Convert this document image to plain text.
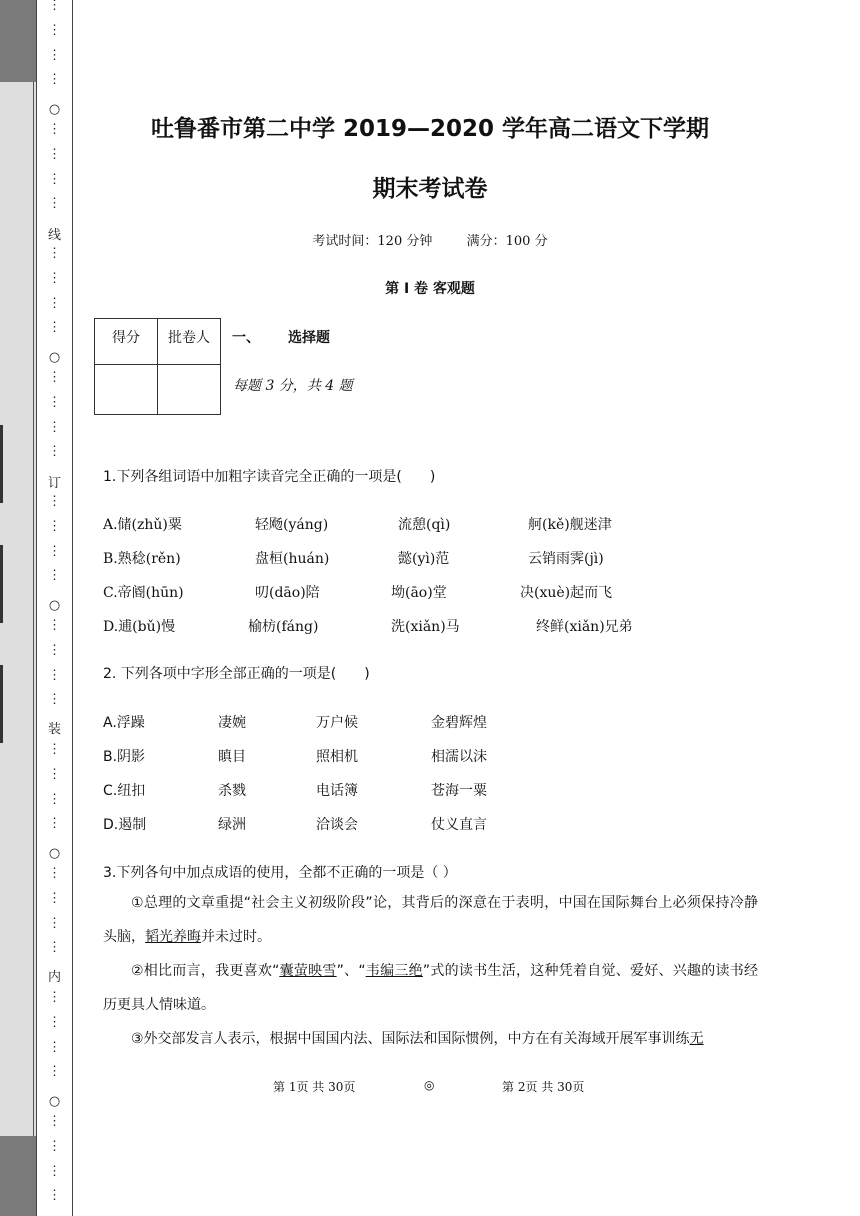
⋮
⋮
⋮
⋮
○
⋮
⋮
⋮
⋮
线
⋮
⋮
⋮
⋮
○
⋮
⋮
⋮
⋮
订
⋮
⋮
⋮
⋮
○
⋮
⋮
⋮
⋮
装
⋮
⋮
⋮
⋮
○
⋮
⋮
⋮
⋮
内
⋮
⋮
⋮
⋮
○
⋮
⋮
⋮
⋮
吐鲁番市第二中学 2019—2020 学年高二语文下学期
期末考试卷
考试时间：120 分钟	满分：100 分
第 I 卷 客观题
得分	批卷人
	一、 选择题
每题 3 分，共 4 题
1.下列各组词语中加粗字读音完全正确的一项是(　　)
A.储(zhǔ)粟	轻飏(yáng)	流憩(qì)	舸(kě)舰迷津
B.熟稔(rěn)	盘桓(huán)	懿(yì)范	云销雨霁(jì)
C.帝阍(hūn)	叨(dāo)陪	坳(āo)堂	决(xuè)起而飞
D.逋(bǔ)慢	榆枋(fáng)	洗(xiǎn)马	终鲜(xiǎn)兄弟
2. 下列各项中字形全部正确的一项是(　　)
A.浮躁	凄婉	万户候	金碧辉煌
B.阴影	瞋目	照相机	相濡以沫
C.纽扣	杀戮	电话簿	苍海一粟
D.遏制	绿洲	洽谈会	仗义直言
3.下列各句中加点成语的使用，全都不正确的一项是（ ）

①总理的文章重提“社会主义初级阶段”论，其背后的深意在于表明，中国在国际舞台上必须保持冷静头脑，韬光养晦并未过时。

②相比而言，我更喜欢“囊萤映雪”、“韦编三绝”式的读书生活，这种凭着自觉、爱好、兴趣的读书经历更具人情味道。

③外交部发言人表示，根据中国国内法、国际法和国际惯例，中方在有关海域开展军事训练无

第 1页 共 30页	◎	第 2页 共 30页
